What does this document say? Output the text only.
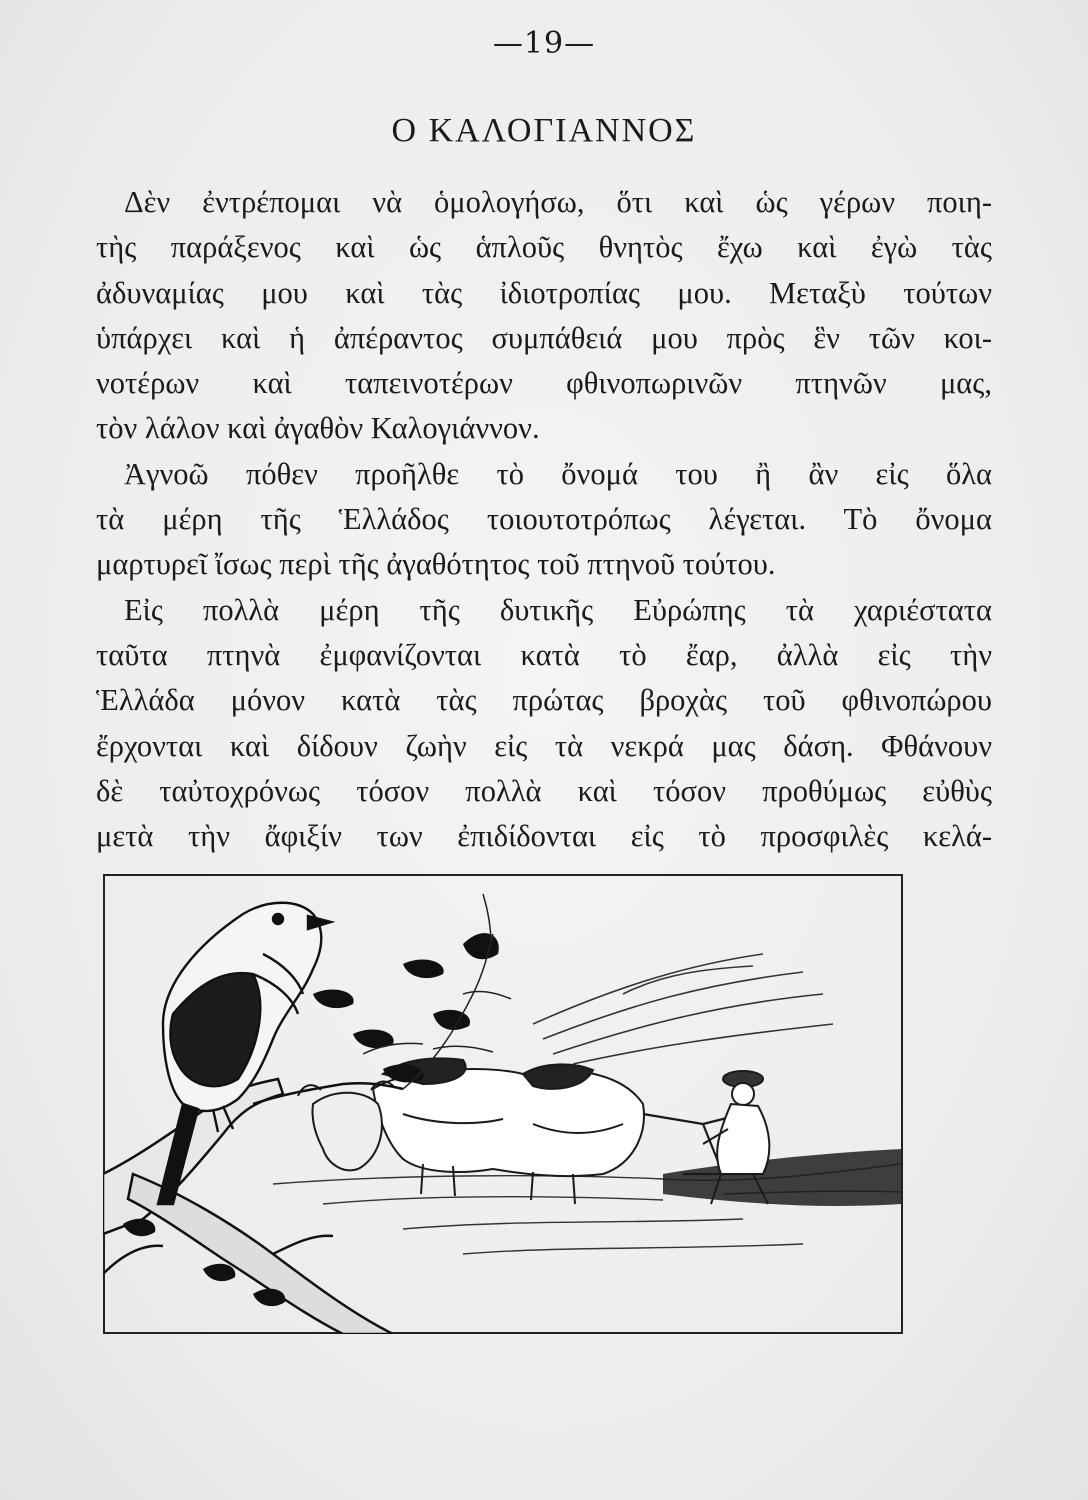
—19—
Ο ΚΑΛΟΓΙΑΝΝΟΣ
Δὲν ἐντρέπομαι νὰ ὁμολογήσω, ὅτι καὶ ὡς γέρων ποιη-
τὴς παράξενος καὶ ὡς ἁπλοῦς θνητὸς ἔχω καὶ ἐγὼ τὰς
ἀδυναμίας μου καὶ τὰς ἰδιοτροπίας μου. Μεταξὺ τούτων
ὑπάρχει καὶ ἡ ἀπέραντος συμπάθειά μου πρὸς ἓν τῶν κοι-
νοτέρων καὶ ταπεινοτέρων φθινοπωρινῶν πτηνῶν μας,
τὸν λάλον καὶ ἀγαθὸν Καλογιάννον.
Ἀγνοῶ πόθεν προῆλθε τὸ ὄνομά του ἢ ἂν εἰς ὅλα
τὰ μέρη τῆς Ἑλλάδος τοιουτοτρόπως λέγεται. Τὸ ὄνομα
μαρτυρεῖ ἴσως περὶ τῆς ἀγαθότητος τοῦ πτηνοῦ τούτου.
Εἰς πολλὰ μέρη τῆς δυτικῆς Εὐρώπης τὰ χαριέστατα
ταῦτα πτηνὰ ἐμφανίζονται κατὰ τὸ ἔαρ, ἀλλὰ εἰς τὴν
Ἑλλάδα μόνον κατὰ τὰς πρώτας βροχὰς τοῦ φθινοπώρου
ἔρχονται καὶ δίδουν ζωὴν εἰς τὰ νεκρά μας δάση. Φθάνουν
δὲ ταὐτοχρόνως τόσον πολλὰ καὶ τόσον προθύμως εὐθὺς
μετὰ τὴν ἄφιξίν των ἐπιδίδονται εἰς τὸ προσφιλὲς κελά-
